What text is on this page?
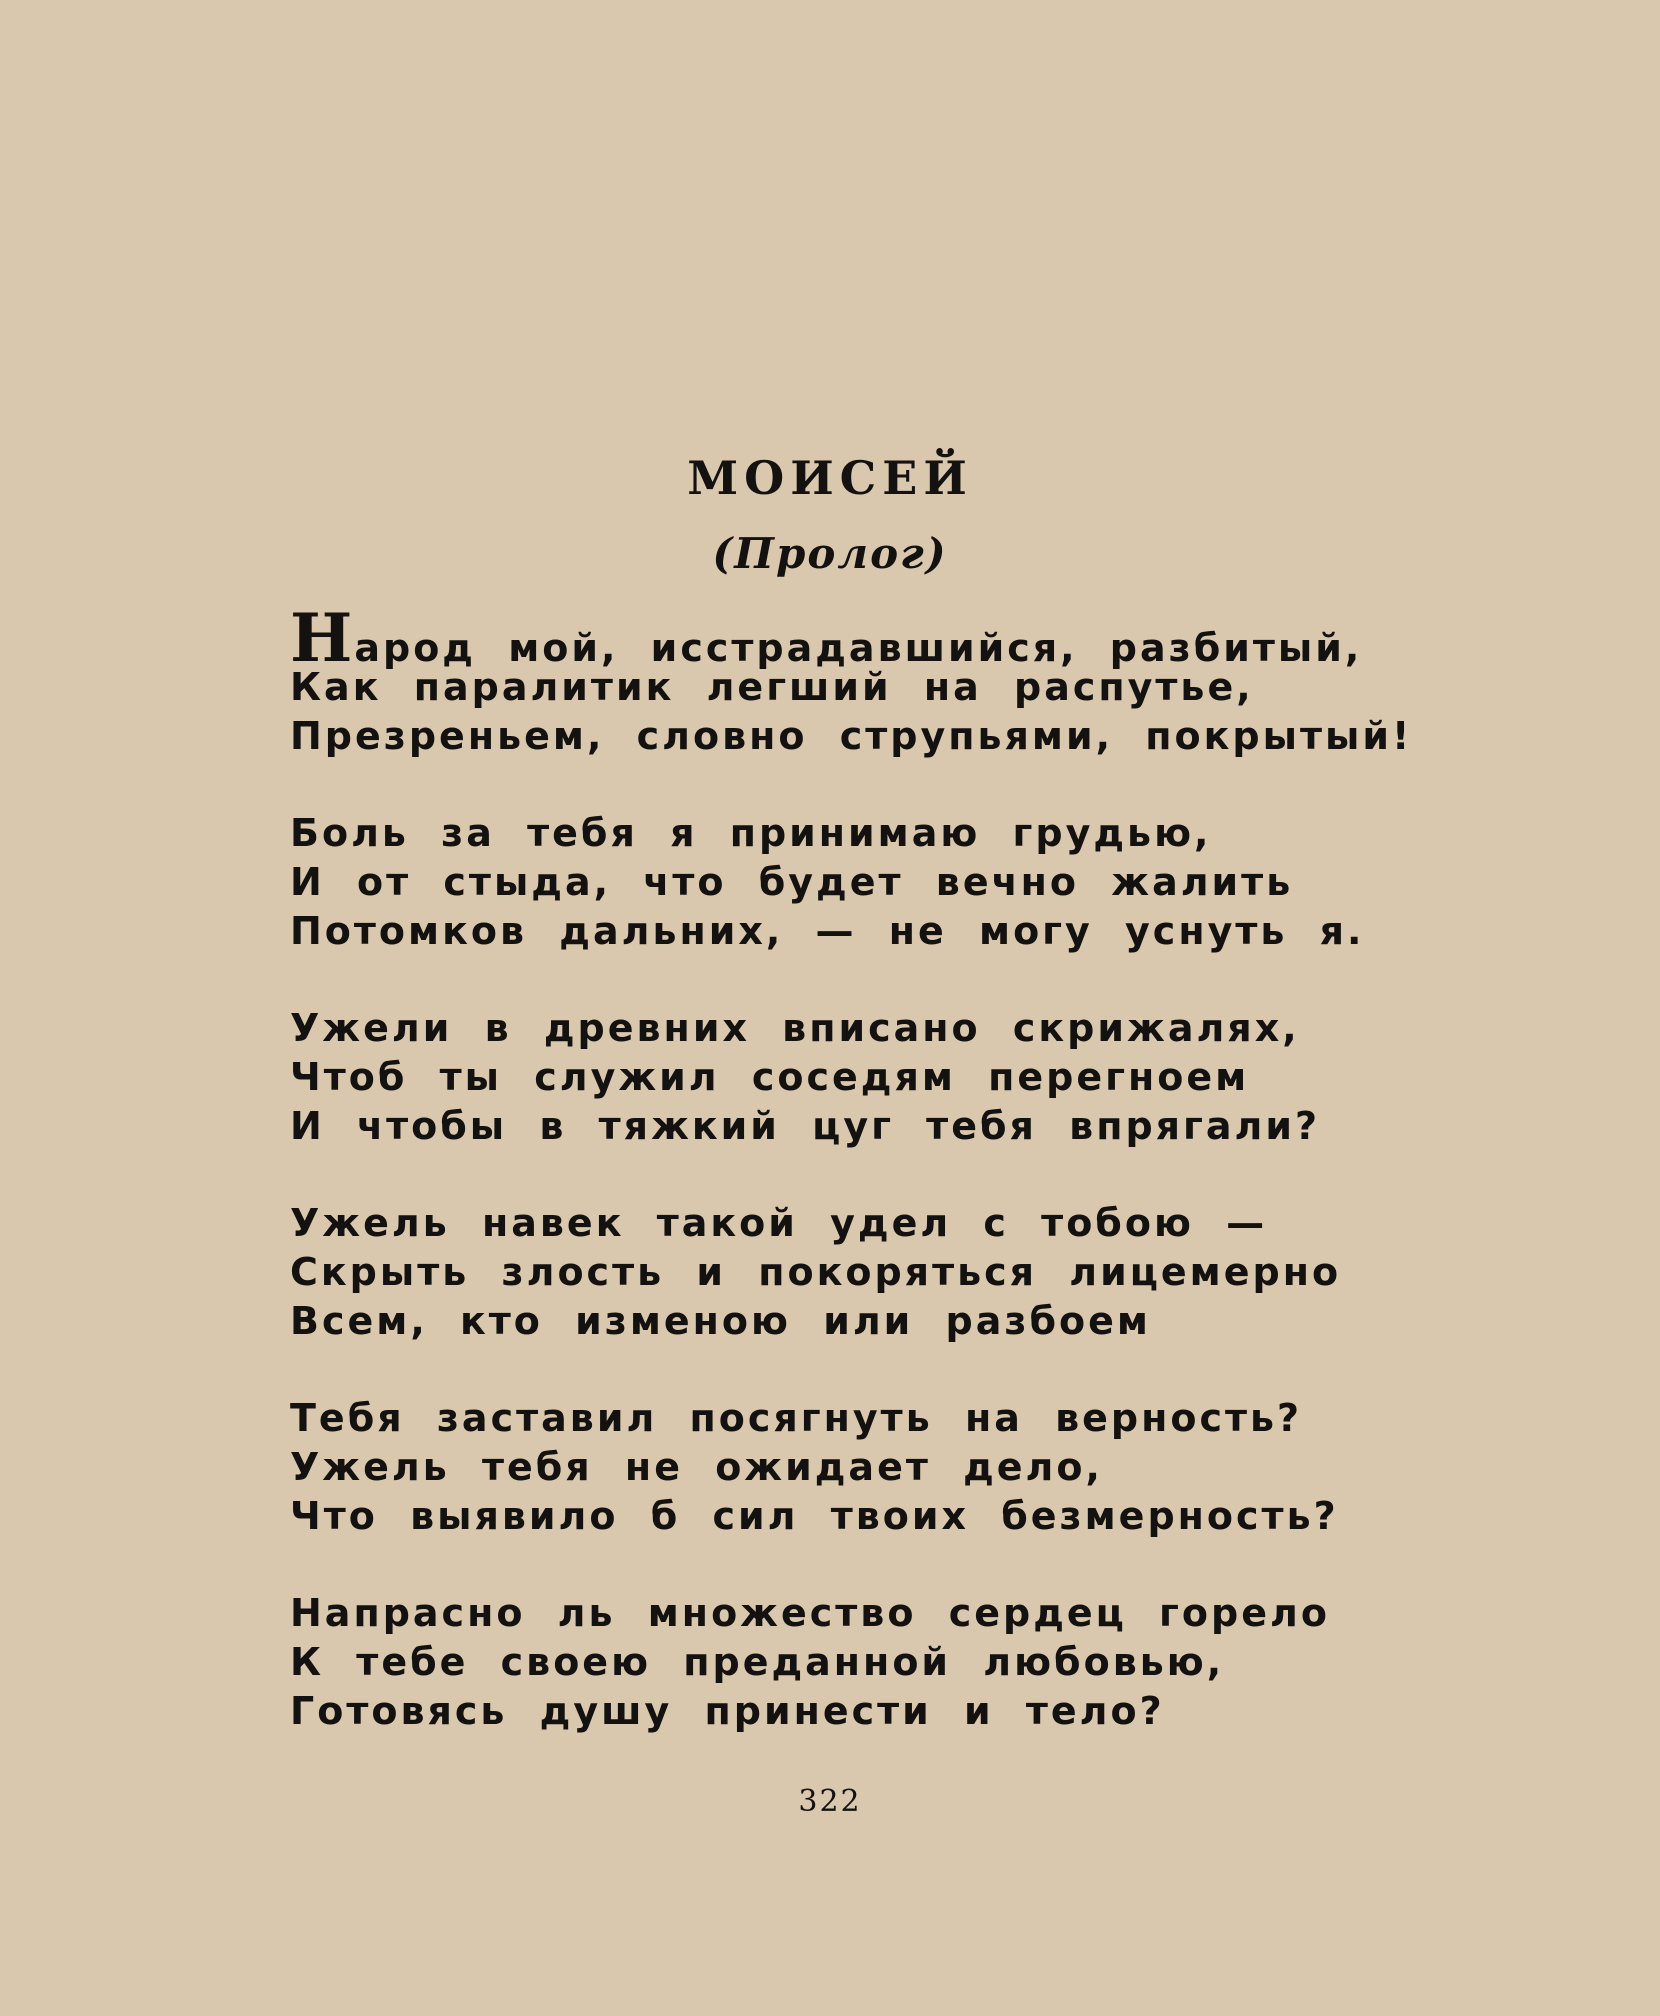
МОИСЕЙ
(Пролог)
Народ мой, исстрадавшийся, разбитый,
Как паралитик легший на распутье,
Презреньем, словно струпьями, покрытый!
Боль за тебя я принимаю грудью,
И от стыда, что будет вечно жалить
Потомков дальних, — не могу уснуть я.
Ужели в древних вписано скрижалях,
Чтоб ты служил соседям перегноем
И чтобы в тяжкий цуг тебя впрягали?
Ужель навек такой удел с тобою —
Скрыть злость и покоряться лицемерно
Всем, кто изменою или разбоем
Тебя заставил посягнуть на верность?
Ужель тебя не ожидает дело,
Что выявило б сил твоих безмерность?
Напрасно ль множество сердец горело
К тебе своею преданной любовью,
Готовясь душу принести и тело?
322
